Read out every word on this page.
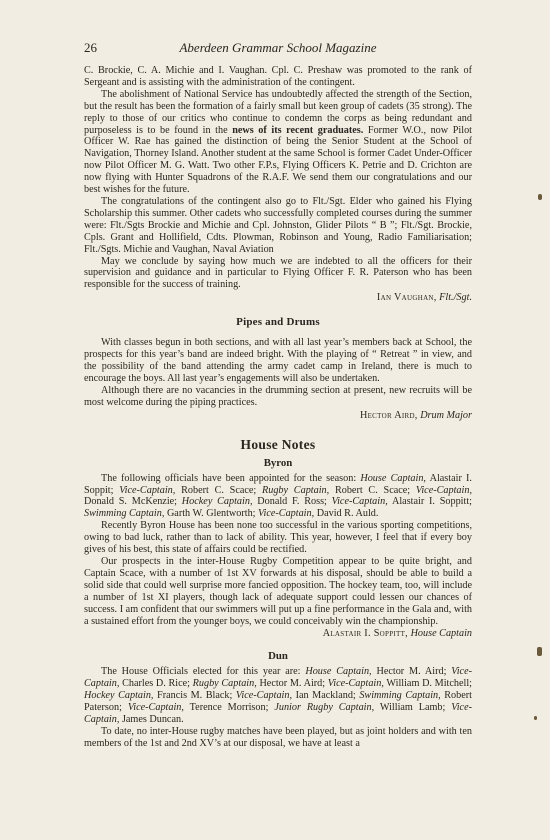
26	Aberdeen Grammar School Magazine

C. Brockie, C. A. Michie and I. Vaughan. Cpl. C. Preshaw was promoted to the rank of Sergeant and is assisting with the administration of the contingent.

The abolishment of National Service has undoubtedly affected the strength of the Section, but the result has been the formation of a fairly small but keen group of cadets (35 strong). The reply to those of our critics who continue to condemn the corps as being redundant and purposeless is to be found in the news of its recent graduates. Former W.O., now Pilot Officer W. Rae has gained the distinction of being the Senior Student at the School of Navigation, Thorney Island. Another student at the same School is former Cadet Under-Officer now Pilot Officer M. G. Watt. Two other F.P.s, Flying Officers K. Petrie and D. Crichton are now flying with Hunter Squadrons of the R.A.F. We send them our congratulations and our best wishes for the future.

The congratulations of the contingent also go to Flt./Sgt. Elder who gained his Flying Scholarship this summer. Other cadets who successfully completed courses during the summer were: Flt./Sgts Brockie and Michie and Cpl. Johnston, Glider Pilots “ B ”; Flt./Sgt. Brockie, Cpls. Grant and Hollifield, Cdts. Plowman, Robinson and Young, Radio Familiarisation; Flt./Sgts. Michie and Vaughan, Naval Aviation

May we conclude by saying how much we are indebted to all the officers for their supervision and guidance and in particular to Flying Officer F. R. Paterson who has been responsible for the success of training.

Ian Vaughan, Flt./Sgt.
Pipes and Drums

With classes begun in both sections, and with all last year’s members back at School, the prospects for this year’s band are indeed bright. With the playing of “ Retreat ” in view, and the possibility of the band attending the army cadet camp in Ireland, there is much to encourage the boys. All last year’s engagements will also be undertaken.

Although there are no vacancies in the drumming section at present, new recruits will be most welcome during the piping practices.

Hector Aird, Drum Major
House Notes
Byron

The following officials have been appointed for the season: House Captain, Alastair I. Soppit; Vice-Captain, Robert C. Scace; Rugby Captain, Robert C. Scace; Vice-Captain, Donald S. McKenzie; Hockey Captain, Donald F. Ross; Vice-Captain, Alastair I. Soppitt; Swimming Captain, Garth W. Glentworth; Vice-Captain, David R. Auld.

Recently Byron House has been none too successful in the various sporting competitions, owing to bad luck, rather than to lack of ability. This year, however, I feel that if every boy gives of his best, this state of affairs could be rectified.

Our prospects in the inter-House Rugby Competition appear to be quite bright, and Captain Scace, with a number of 1st XV forwards at his disposal, should be able to build a solid side that could well surprise more fancied opposition. The hockey team, too, will include a number of 1st XI players, though lack of adequate support could lessen our chances of success. I am confident that our swimmers will put up a fine performance in the Gala and, with a sustained effort from the younger boys, we could conceivably win the championship.

Alastair I. Soppitt, House Captain
Dun

The House Officials elected for this year are: House Captain, Hector M. Aird; Vice-Captain, Charles D. Rice; Rugby Captain, Hector M. Aird; Vice-Captain, William D. Mitchell; Hockey Captain, Francis M. Black; Vice-Captain, Ian Mackland; Swimming Captain, Robert Paterson; Vice-Captain, Terence Morrison; Junior Rugby Captain, William Lamb; Vice-Captain, James Duncan.

To date, no inter-House rugby matches have been played, but as joint holders and with ten members of the 1st and 2nd XV’s at our disposal, we have at least a
